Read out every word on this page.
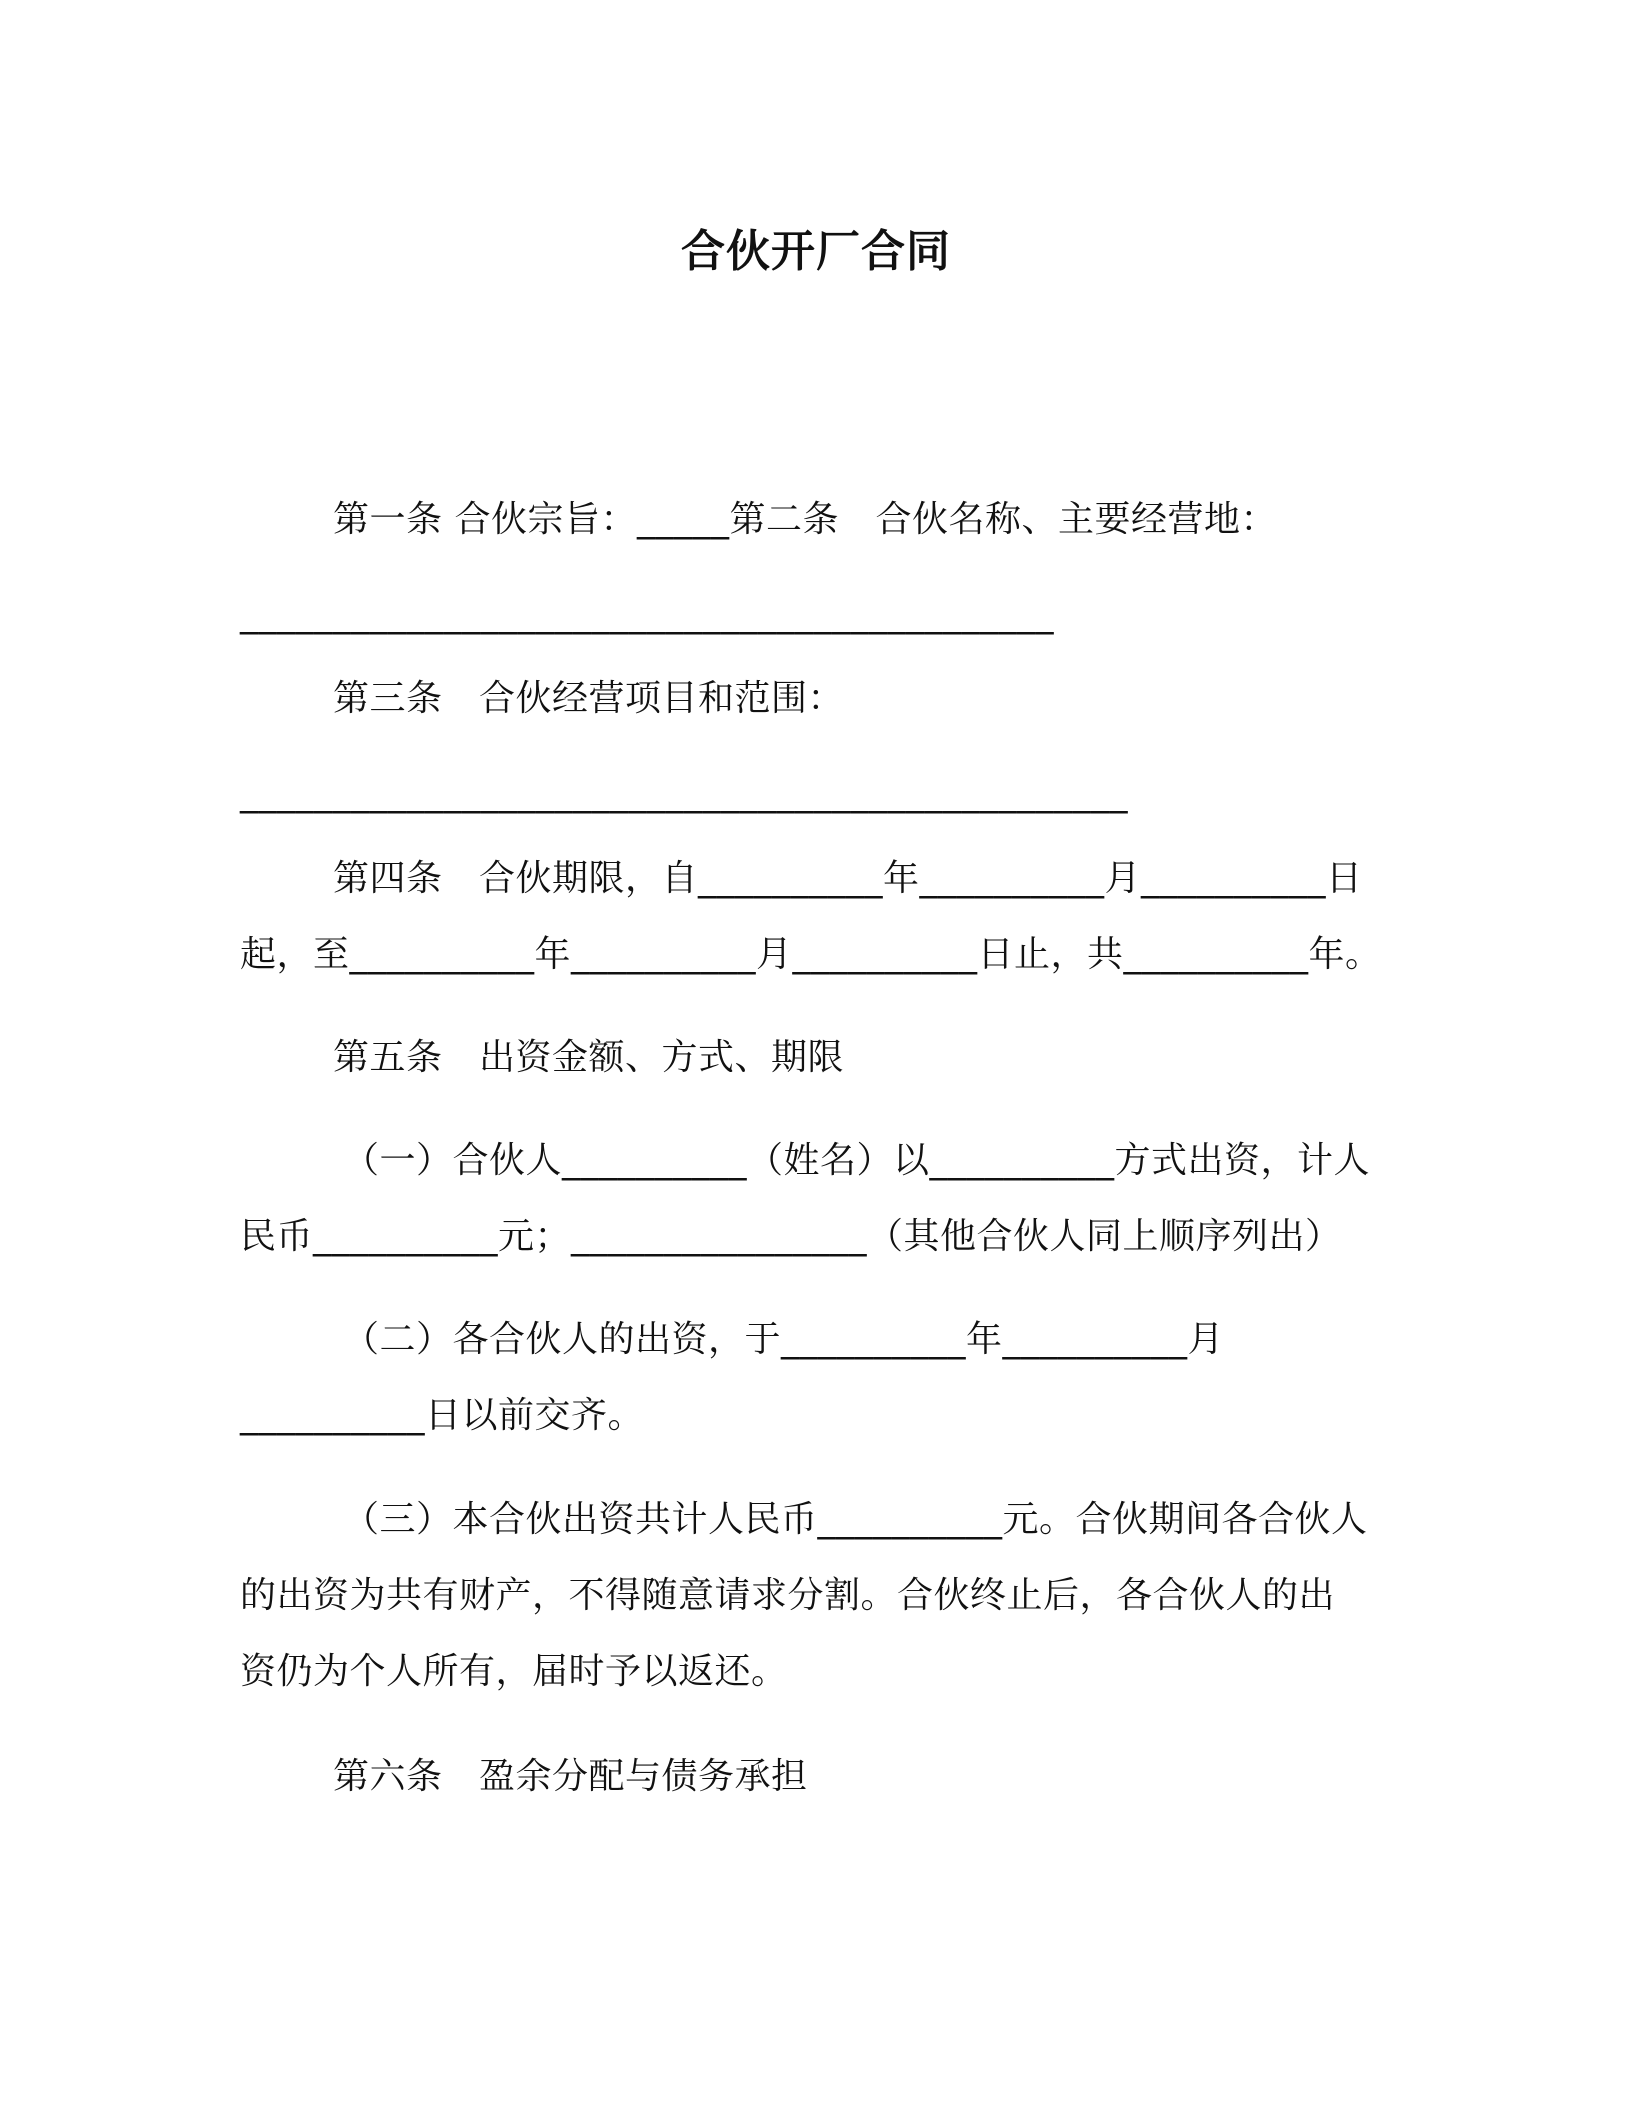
合伙开厂合同
第一条 合伙宗旨：_____第二条　合伙名称、主要经营地：
____________________________________________
第三条　合伙经营项目和范围：
________________________________________________
第四条　合伙期限，自__________年__________月__________日
起，至__________年__________月__________日止，共__________年。
第五条　出资金额、方式、期限
（一）合伙人__________（姓名）以__________方式出资，计人
民币__________元；________________（其他合伙人同上顺序列出）
（二）各合伙人的出资，于__________年__________月
__________日以前交齐。
（三）本合伙出资共计人民币__________元。合伙期间各合伙人
的出资为共有财产，不得随意请求分割。合伙终止后，各合伙人的出
资仍为个人所有，届时予以返还。
第六条　盈余分配与债务承担
